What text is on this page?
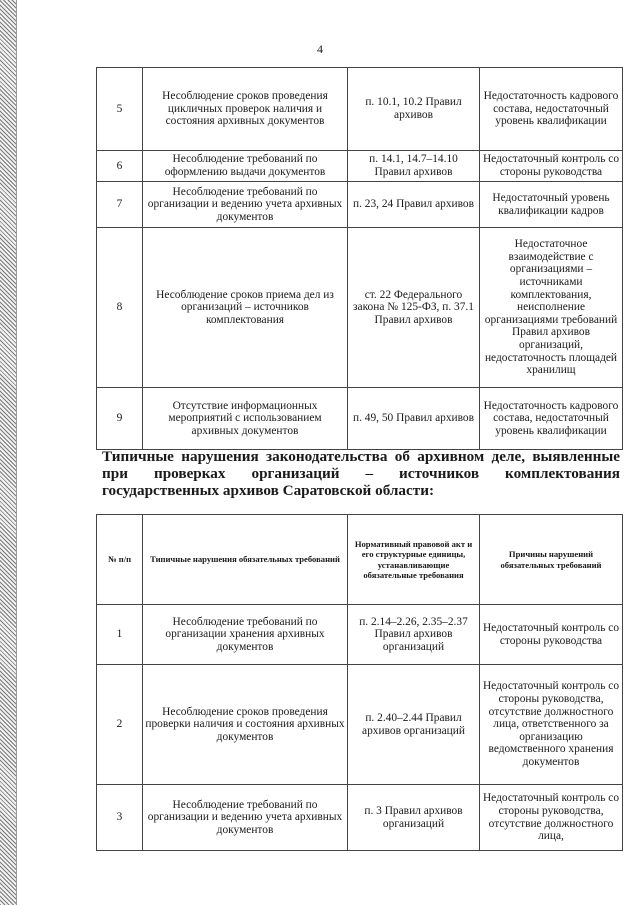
4
5	Несоблюдение сроков проведения цикличных проверок наличия и состояния архивных документов	п. 10.1, 10.2 Правил архивов	Недостаточность кадрового состава, недостаточный уровень квалификации
6	Несоблюдение требований по оформлению выдачи документов	п. 14.1, 14.7–14.10 Правил архивов	Недостаточный контроль со стороны руководства
7	Несоблюдение требований по организации и ведению учета архивных документов	п. 23, 24 Правил архивов	Недостаточный уровень квалификации кадров
8	Несоблюдение сроков приема дел из организаций – источников комплектования	ст. 22 Федерального закона № 125-ФЗ, п. 37.1 Правил архивов	Недостаточное взаимодействие с организациями – источниками комплектования, неисполнение организациями требований Правил архивов организаций, недостаточность площадей хранилищ
9	Отсутствие информационных мероприятий с использованием архивных документов	п. 49, 50 Правил архивов	Недостаточность кадрового состава, недостаточный уровень квалификации
Типичные нарушения законодательства об архивном деле, выявленные
при проверках организаций – источников комплектования
государственных архивов Саратовской области:
№ п/п	Типичные нарушения обязательных требований	Нормативный правовой акт и его структурные единицы, устанавливающие обязательные требования	Причины нарушений обязательных требований
1	Несоблюдение требований по организации хранения архивных документов	п. 2.14–2.26, 2.35–2.37 Правил архивов организаций	Недостаточный контроль со стороны руководства
2	Несоблюдение сроков проведения проверки наличия и состояния архивных документов	п. 2.40–2.44 Правил архивов организаций	Недостаточный контроль со стороны руководства, отсутствие должностного лица, ответственного за организацию ведомственного хранения документов
3	Несоблюдение требований по организации и ведению учета архивных документов	п. 3 Правил архивов организаций	Недостаточный контроль со стороны руководства, отсутствие должностного лица,
